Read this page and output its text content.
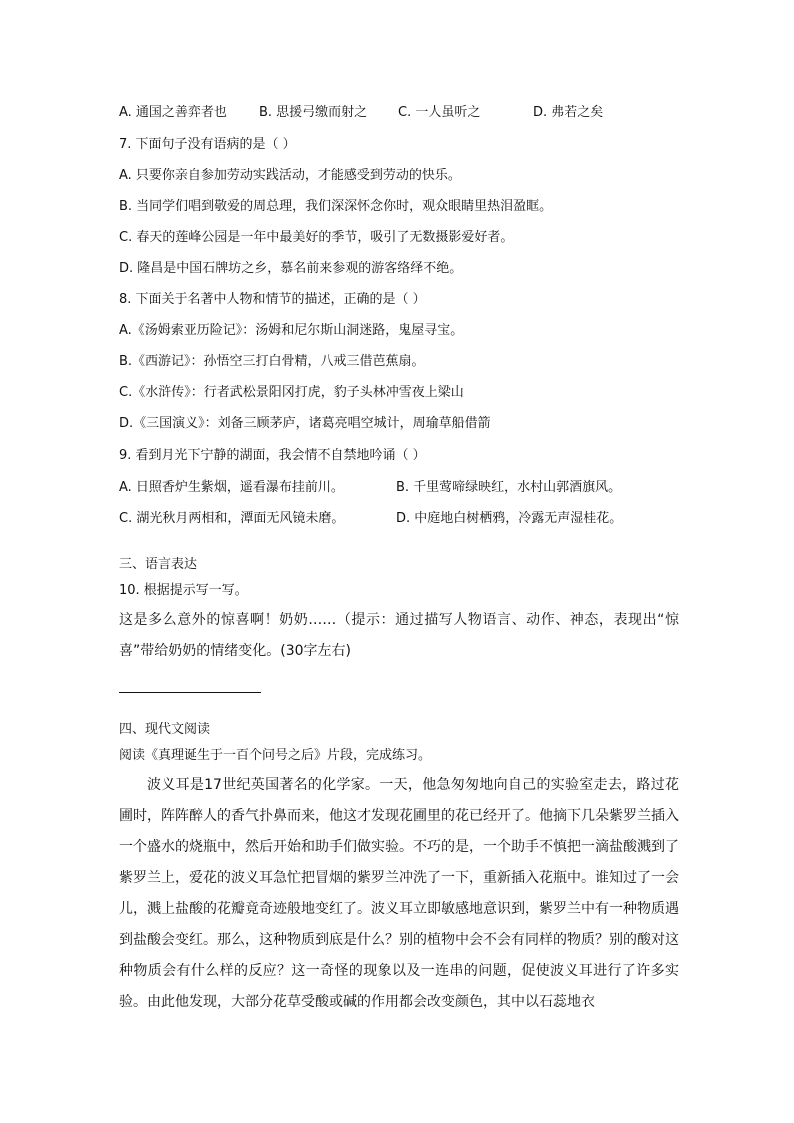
A. 通国之善弈者也 B. 思援弓缴而射之 C. 一人虽听之	D. 弗若之矣
7. 下面句子没有语病的是（ ）
A. 只要你亲自参加劳动实践活动，才能感受到劳动的快乐。
B. 当同学们唱到敬爱的周总理，我们深深怀念你时，观众眼睛里热泪盈眶。
C. 春天的莲峰公园是一年中最美好的季节，吸引了无数摄影爱好者。
D. 隆昌是中国石牌坊之乡，慕名前来参观的游客络绎不绝。
8. 下面关于名著中人物和情节的描述，正确的是（ ）
A.《汤姆索亚历险记》：汤姆和尼尔斯山洞迷路，鬼屋寻宝。
B.《西游记》：孙悟空三打白骨精，八戒三借芭蕉扇。
C.《水浒传》：行者武松景阳冈打虎，豹子头林冲雪夜上梁山
D.《三国演义》：刘备三顾茅庐，诸葛亮唱空城计，周瑜草船借箭
9. 看到月光下宁静的湖面，我会情不自禁地吟诵（ ）
A. 日照香炉生紫烟，遥看瀑布挂前川。	B. 千里莺啼绿映红，水村山郭酒旗风。
C. 湖光秋月两相和，潭面无风镜未磨。	D. 中庭地白树栖鸦，冷露无声湿桂花。
三、语言表达
10. 根据提示写一写。
这是多么意外的惊喜啊！奶奶……（提示：通过描写人物语言、动作、神态，表现出“惊喜”带给奶奶的情绪变化。(30字左右)
四、现代文阅读
阅读《真理诞生于一百个问号之后》片段，完成练习。
波义耳是17世纪英国著名的化学家。一天，他急匆匆地向自己的实验室走去，路过花圃时，阵阵醉人的香气扑鼻而来，他这才发现花圃里的花已经开了。他摘下几朵紫罗兰插入一个盛水的烧瓶中，然后开始和助手们做实验。不巧的是，一个助手不慎把一滴盐酸溅到了紫罗兰上，爱花的波义耳急忙把冒烟的紫罗兰冲洗了一下，重新插入花瓶中。谁知过了一会儿，溅上盐酸的花瓣竟奇迹般地变红了。波义耳立即敏感地意识到，紫罗兰中有一种物质遇到盐酸会变红。那么，这种物质到底是什么？别的植物中会不会有同样的物质？别的酸对这种物质会有什么样的反应？这一奇怪的现象以及一连串的问题，促使波义耳进行了许多实验。由此他发现，大部分花草受酸或碱的作用都会改变颜色，其中以石蕊地衣
